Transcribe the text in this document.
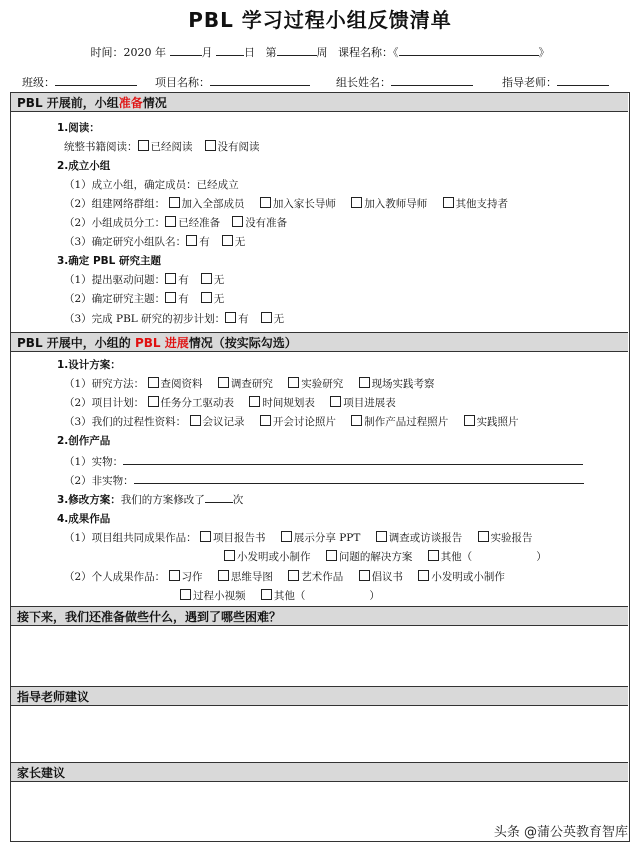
PBL 学习过程小组反馈清单
时间：2020 年	月	日 第	周 课程名称：《	》
班级：	项目名称：	组长姓名：	指导老师：
PBL 开展前，小组准备情况
1.阅读：
统整书籍阅读： 已经阅读 没有阅读
2.成立小组
（1）成立小组，确定成员：已经成立
（2）组建网络群组： 加入全部成员	加入家长导师	加入教师导师	其他支持者
（2）小组成员分工： 已经准备 没有准备
（3）确定研究小组队名： 有 无
3.确定 PBL 研究主题
（1）提出驱动问题： 有 无
（2）确定研究主题： 有 无
（3）完成 PBL 研究的初步计划： 有 无
PBL 开展中，小组的 PBL 进展情况（按实际勾选）
1.设计方案：
（1）研究方法： 查阅资料	调查研究	实验研究	现场实践考察
（2）项目计划： 任务分工驱动表	时间规划表	项目进展表
（3）我们的过程性资料： 会议记录	开会讨论照片	制作产品过程照片	实践照片
2.创作产品
（1）实物：
（2）非实物：
3.修改方案：我们的方案修改了	次
4.成果作品
（1）项目组共同成果作品： 项目报告书	展示分享 PPT	调查或访谈报告	实验报告
小发明或小制作	问题的解决方案	其他（	）
（2）个人成果作品： 习作	思维导图	艺术作品	倡议书	小发明或小制作
过程小视频	其他（	）
接下来，我们还准备做些什么，遇到了哪些困难？
指导老师建议
家长建议
头条 @蒲公英教育智库
